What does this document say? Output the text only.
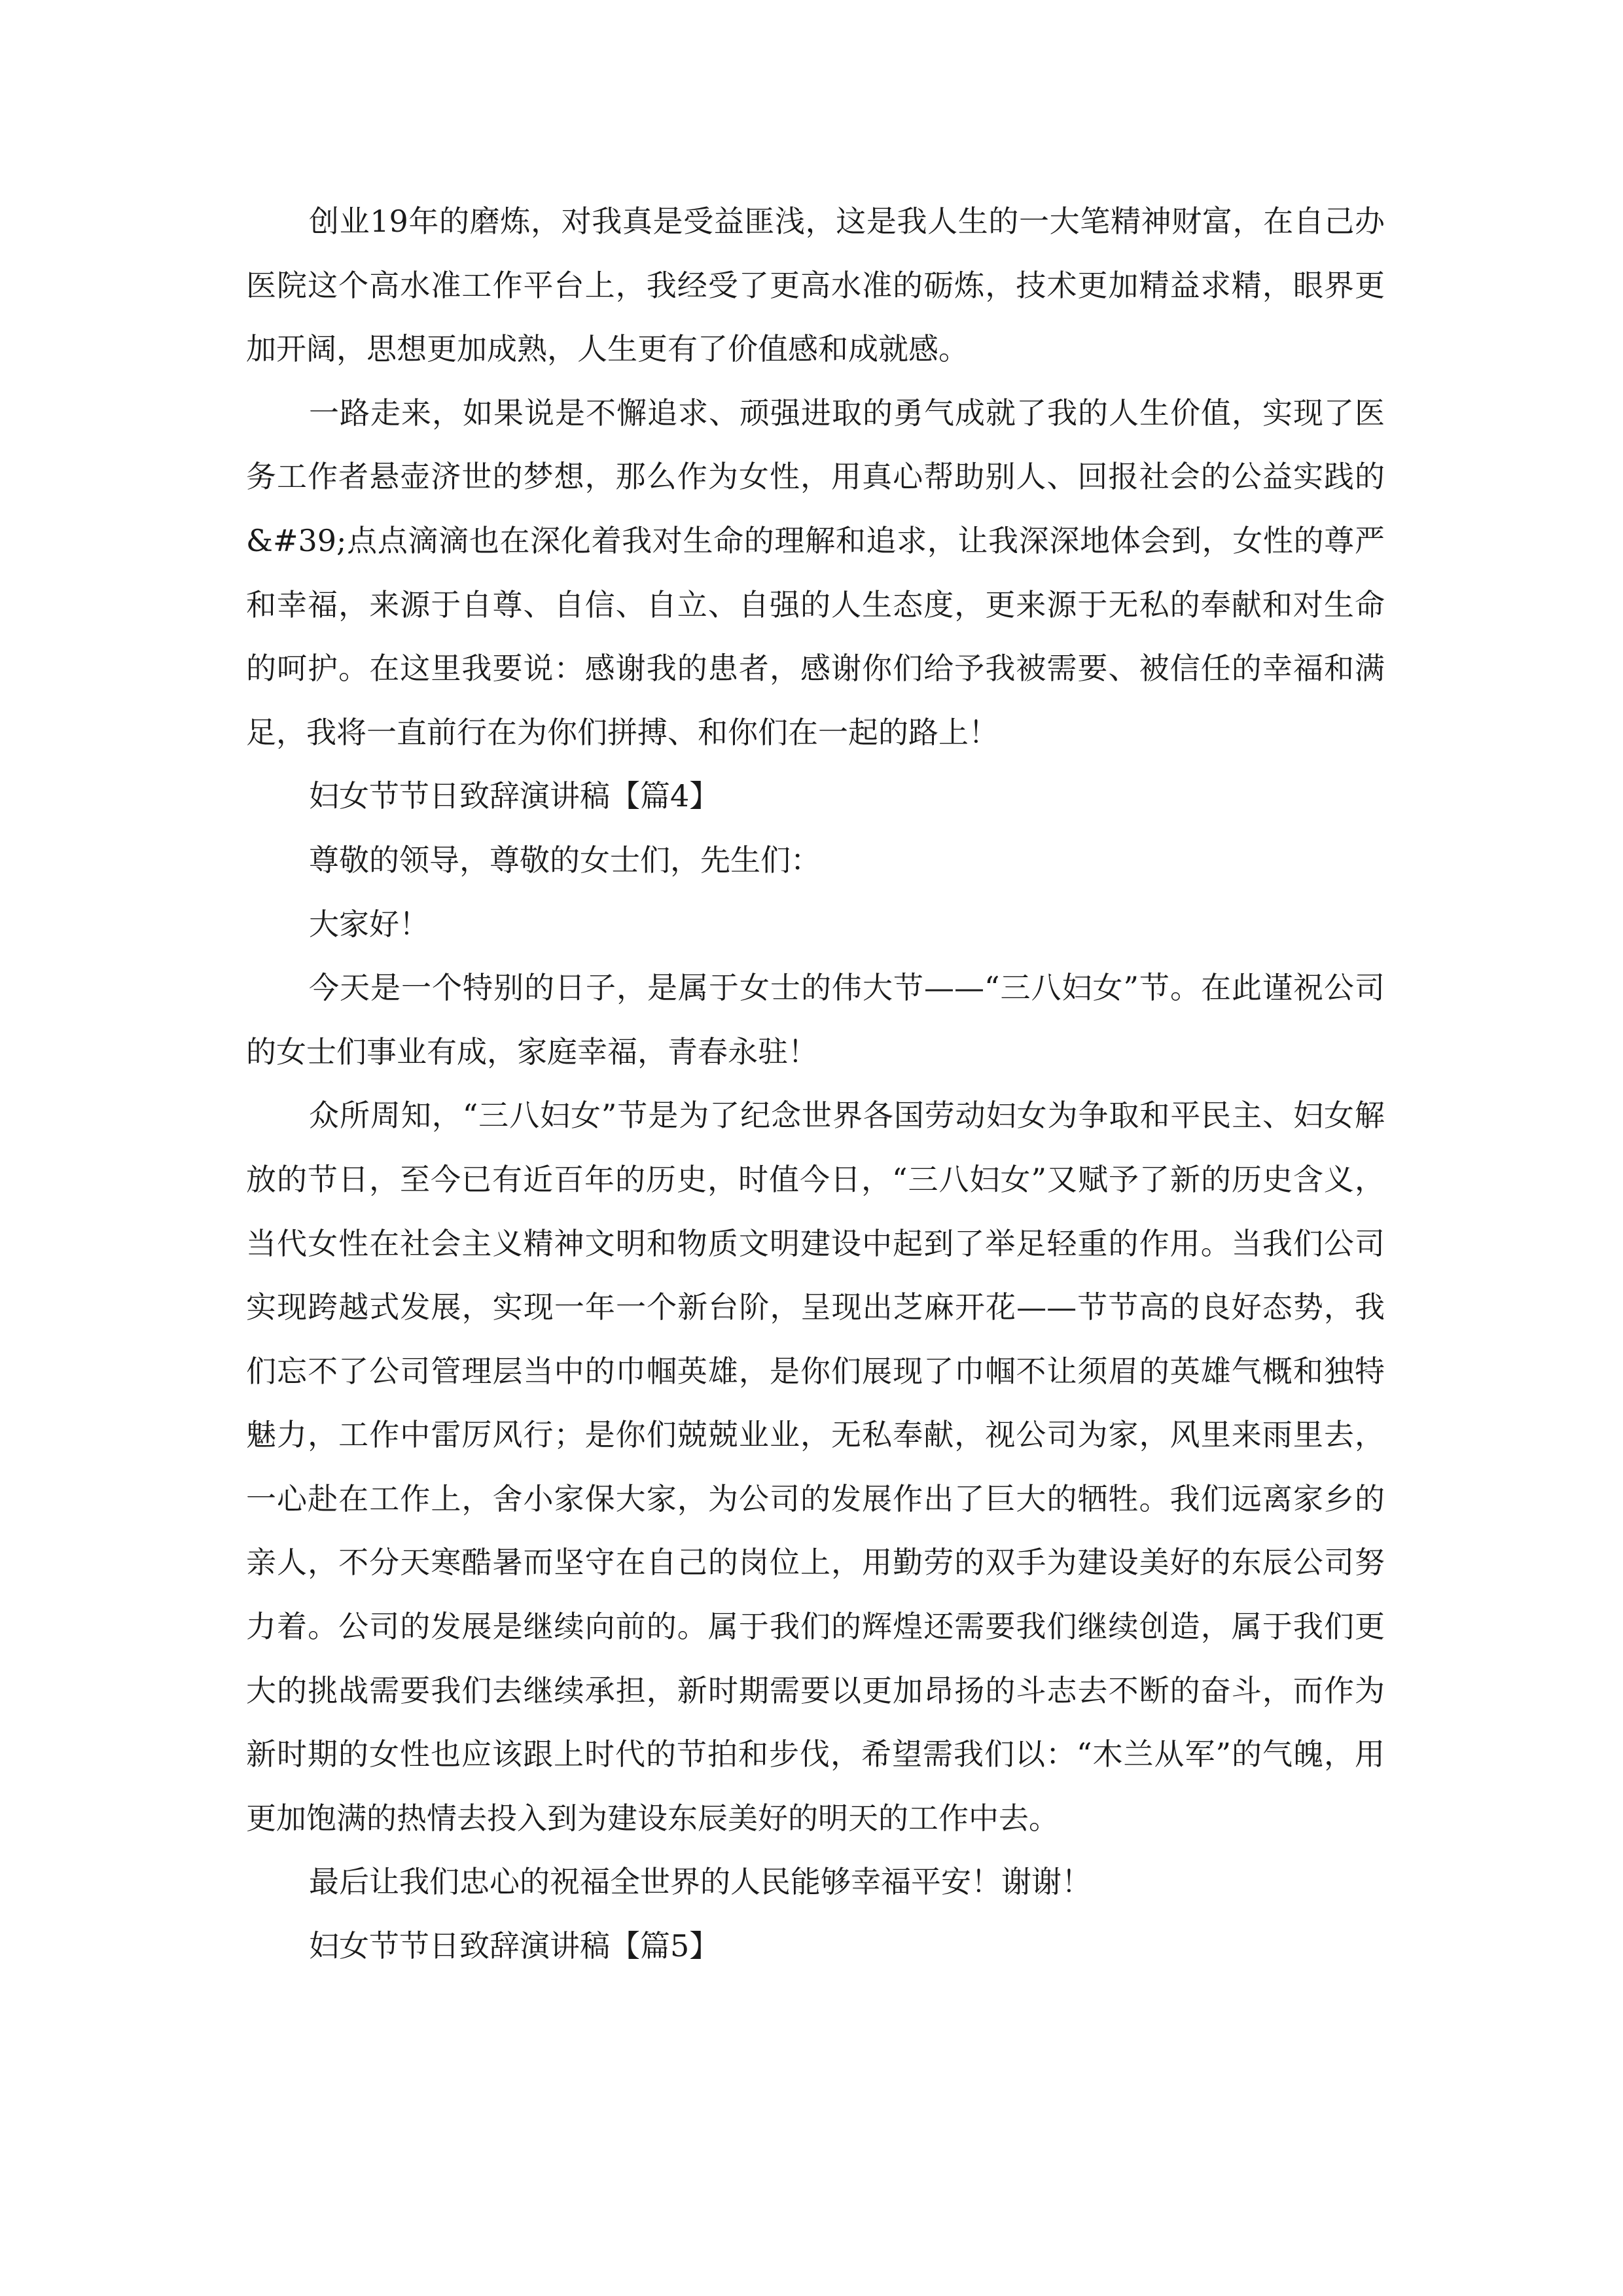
创业19年的磨炼，对我真是受益匪浅，这是我人生的一大笔精神财富，在自己办医院这个高水准工作平台上，我经受了更高水准的砺炼，技术更加精益求精，眼界更加开阔，思想更加成熟，人生更有了价值感和成就感。

一路走来，如果说是不懈追求、顽强进取的勇气成就了我的人生价值，实现了医务工作者悬壶济世的梦想，那么作为女性，用真心帮助别人、回报社会的公益实践的&#39;点点滴滴也在深化着我对生命的理解和追求，让我深深地体会到，女性的尊严和幸福，来源于自尊、自信、自立、自强的人生态度，更来源于无私的奉献和对生命的呵护。在这里我要说：感谢我的患者，感谢你们给予我被需要、被信任的幸福和满足，我将一直前行在为你们拼搏、和你们在一起的路上！

妇女节节日致辞演讲稿【篇4】

尊敬的领导，尊敬的女士们，先生们：

大家好！

今天是一个特别的日子，是属于女士的伟大节——“三八妇女”节。在此谨祝公司的女士们事业有成，家庭幸福，青春永驻！

众所周知，“三八妇女”节是为了纪念世界各国劳动妇女为争取和平民主、妇女解放的节日，至今已有近百年的历史，时值今日，“三八妇女”又赋予了新的历史含义，当代女性在社会主义精神文明和物质文明建设中起到了举足轻重的作用。当我们公司实现跨越式发展，实现一年一个新台阶，呈现出芝麻开花——节节高的良好态势，我们忘不了公司管理层当中的巾帼英雄，是你们展现了巾帼不让须眉的英雄气概和独特魅力，工作中雷厉风行；是你们兢兢业业，无私奉献，视公司为家，风里来雨里去，一心赴在工作上，舍小家保大家，为公司的发展作出了巨大的牺牲。我们远离家乡的亲人，不分天寒酷暑而坚守在自己的岗位上，用勤劳的双手为建设美好的东辰公司努力着。公司的发展是继续向前的。属于我们的辉煌还需要我们继续创造，属于我们更大的挑战需要我们去继续承担，新时期需要以更加昂扬的斗志去不断的奋斗，而作为新时期的女性也应该跟上时代的节拍和步伐，希望需我们以：“木兰从军”的气魄，用更加饱满的热情去投入到为建设东辰美好的明天的工作中去。

最后让我们忠心的祝福全世界的人民能够幸福平安！谢谢！

妇女节节日致辞演讲稿【篇5】
